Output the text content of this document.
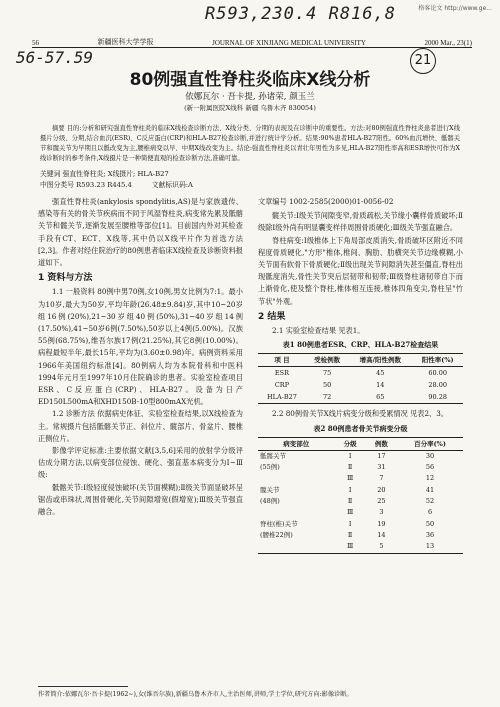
格客论文 http://www.ge...
R593,230.4 R816,8
56-57.59	21
56	新疆医科大学学报	JOURNAL OF XINJIANG MEDICAL UNIVERSITY	2000 Mar., 23(1)
80例强直性脊柱炎临床X线分析
依娜瓦尔 · 吾卡提, 孙诸荣, 颜玉兰
(新一附属医院X线科 新疆 乌鲁木齐 830054)
摘要 目的:分析和研究强直性脊柱炎的临床X线检查诊断方法、X线分类、分期的表现及在诊断中的重要性。方法:对80例强直性脊柱炎患者进行X线摄片分级、分期,结合血沉(ESR)、C反应蛋白(CRP)和HLA-B27检查诊断,并进行统计学分析。结果:90%患者HLA-B27阳性。60%血沉增快、骶髂关节和髋关节为早期且以骶改变为主,腰椎病变以早、中期X线改变为主。结论:强直性脊柱炎以青壮年男性为多见,HLA-B27阳性率高和ESR增快可作为X线诊断时的参考条件,X线摄片是一种简便直观的检查诊断方法,准确可靠。
关键词 强直性脊柱炎; X线摄片; HLA-B27
中图分类号 R593.23 R445.4	文献标识码:A

强直性脊柱炎(ankylosis spondylitis,AS)是与家族遗传、感染等有关的骨关节疾病而不同于风湿脊柱炎,病变常先累及骶髂关节和髋关节,逐渐发展至腰椎等部位[1]。目前国内外对其检查手段有CT、ECT、X线等,其中仍以X线平片作为首选方法[2,3]。作者对经住院治疗的80例患者临床X线检查及诊断资料报道如下。

1 资料与方法

1.1 一般资料 80例中男70例,女10例,男女比例为7:1。最小为10岁,最大为50岁,平均年龄(26.48±9.84)岁,其中10~20岁组16例(20%),21~30岁组40例(50%),31~40岁组14例(17.50%),41~50岁6例(7.50%),50岁以上4例(5.00%)。汉族55例(68.75%),维吾尔族17例(21.25%),其它8例(10.00%)。病程最短半年,最长15年,平均为(3.60±0.98)年。病例资料采用1966年美国纽约标准[4]。80例病人均为本院骨科和中医科1994年元月至1997年10月住院确诊的患者。实验室检查项目ESR、C反应蛋白(CRP)、HLA-B27。设备为日产ED150L500mA和XHD150B-10型800mAX光机。

1.2 诊断方法 依据病史体征、实验室检查结果,以X线检查为主。常规摄片包括骶髂关节正、斜位片、髋部片、骨盆片、腰椎正侧位片。

影像学评定标准:主要依据文献[3,5,6]采用的放射学分级评估成分期方法,以病变部位侵蚀、硬化、强直基本病变分为Ⅰ~Ⅲ级:

骶髂关节:Ⅰ级轻度侵蚀破坏(关节面模糊);Ⅱ级关节面显破坏呈锯齿或串珠状,周围骨硬化,关节间隙增宽(假增宽);Ⅲ级关节强直融合。

文章编号 1002-2585(2000)01-0056-02

髋关节:Ⅰ级关节间隙变窄,骨质疏松,关节缘小囊样骨质破坏;Ⅱ级除Ⅰ级外尚有明显囊变样伴周围骨质硬化;Ⅲ级关节强直融合。

脊柱病变:Ⅰ级椎体上下角局部皮质消失,骨质破坏区附近不同程度骨质硬化,"方形"椎体,椎间、胸肋、肋横突关节边缘模糊,小关节面有软骨下骨质硬化;Ⅱ级出现关节间隙消失甚至僵直,脊柱出现骶度消失,骨性关节突后层韧带和韧带;Ⅲ级脊柱诸韧带自下而上渐骨化,使及整个脊柱,椎体相互连接,椎体四角变尖,脊柱呈"竹节状"外观。

2 结果

2.1 实验室检查结果 见表1。

表1 80例患者ESR、CRP、HLA-B27检查结果
项 目	受检例数	增高/阳性例数	阳性率(%)
ESR	75	45	60.00
CRP	50	14	28.00
HLA-B27	72	65	90.28

2.2 80例骨关节X线片病变分级和受累情况 见表2、3。

表2 80例患者骨关节病变分级
病变部位	分级	例数	百分率(%)
骶髂关节	Ⅰ	17	30
(55例)	Ⅱ	31	56
	Ⅲ	7	12
髋关节	Ⅰ	20	41
(48例)	Ⅱ	25	52
	Ⅲ	3	6
脊柱(椎)关节	Ⅰ	19	50
(腰椎22例)	Ⅱ	14	36
	Ⅲ	5	13
作者简介:依娜瓦尔·吾卡提(1962~),女(维吾尔族),新疆乌鲁木齐市人,主治医师,讲师,学士学位,研究方向:影像诊断。
